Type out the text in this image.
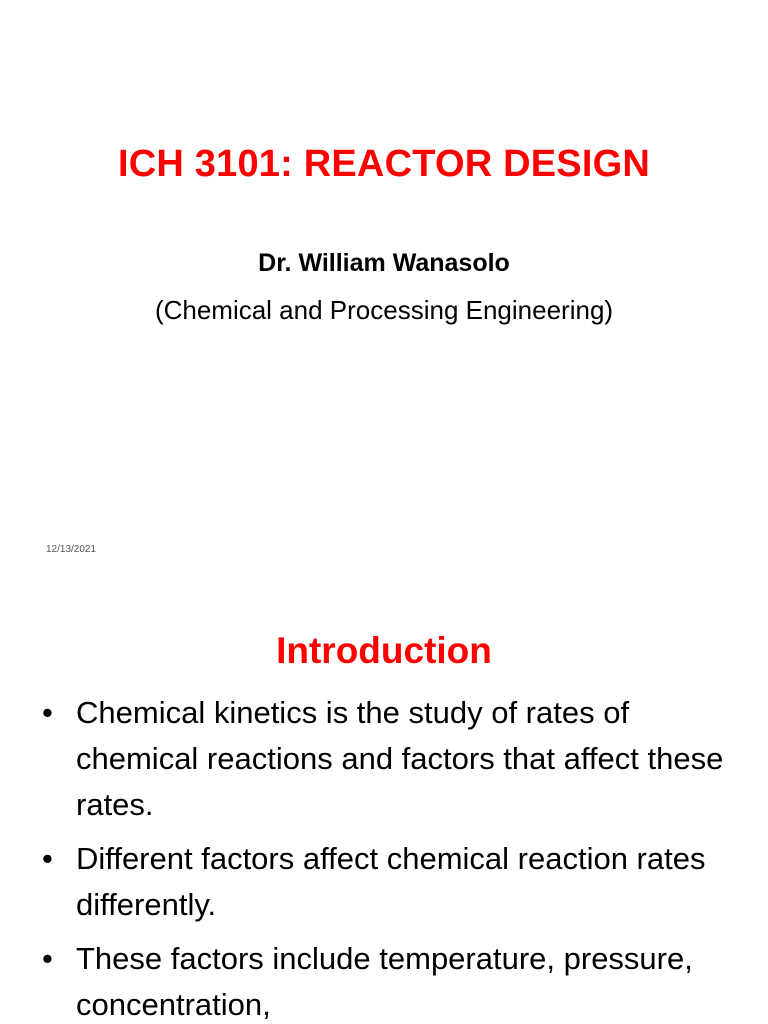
ICH 3101: REACTOR DESIGN
Dr. William Wanasolo
(Chemical and Processing Engineering)
12/13/2021
Introduction
• Chemical kinetics is the study of rates of chemical reactions and factors that affect these rates.
• Different factors affect chemical reaction rates differently.
• These factors include temperature, pressure, concentration,
